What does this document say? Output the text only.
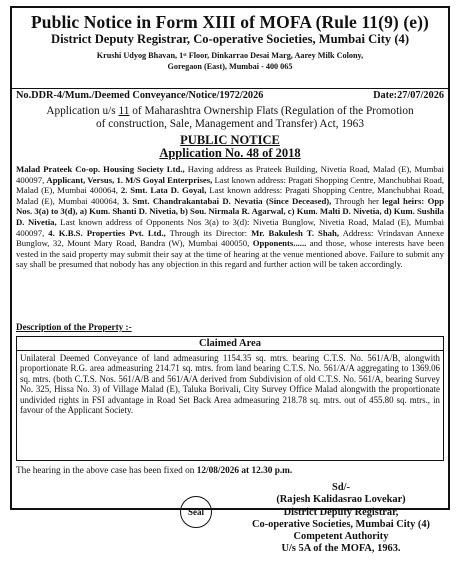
Public Notice in Form XIII of MOFA (Rule 11(9) (e))
District Deputy Registrar, Co-operative Societies, Mumbai City (4)
Krushi Udyog Bhavan, 1ˢᵗ Floor, Dinkarrao Desai Marg, Aarey Milk Colony,
Goregaon (East), Mumbai - 400 065
No.DDR-4/Mum./Deemed Conveyance/Notice/1972/2026	Date:27/07/2026
Application u/s 11 of Maharashtra Ownership Flats (Regulation of the Promotion of construction, Sale, Management and Transfer) Act, 1963
PUBLIC NOTICE
Application No. 48 of 2018
Malad Prateek Co-op. Housing Society Ltd., Having address as Prateek Building, Nivetia Road, Malad (E), Mumbai 400097, Applicant, Versus, 1. M/S Goyal Enterprises, Last known address: Pragati Shopping Centre, Manchubhai Road, Malad (E), Mumbai 400064, 2. Smt. Lata D. Goyal, Last known address: Pragati Shopping Centre, Manchubhai Road, Malad (E), Mumbai 400064, 3. Smt. Chandrakantabai D. Nevatia (Since Deceased), Through her legal heirs: Opp Nos. 3(a) to 3(d), a) Kum. Shanti D. Nivetia, b) Sou. Nirmala R. Agarwal, c) Kum. Malti D. Nivetia, d) Kum. Sushila D. Nivetia, Last known address of Opponents Nos 3(a) to 3(d): Nivetia Bunglow, Nivetia Road, Malad (E), Mumbai 400097, 4. K.B.S. Properties Pvt. Ltd., Through its Director: Mr. Bakulesh T. Shah, Address: Vrindavan Annexe Bunglow, 32, Mount Mary Road, Bandra (W), Mumbai 400050, Opponents...... and those, whose interests have been vested in the said property may submit their say at the time of hearing at the venue mentioned above. Failure to submit any say shall be presumed that nobody has any objection in this regard and further action will be taken accordingly.
Description of the Property :-
Claimed Area
Unilateral Deemed Conveyance of land admeasuring 1154.35 sq. mtrs. bearing C.T.S. No. 561/A/B, alongwith proportionate R.G. area admeasuring 214.71 sq. mtrs. from land bearing C.T.S. No. 561/A/A aggregating to 1369.06 sq. mtrs. (both C.T.S. Nos. 561/A/B and 561/A/A derived from Subdivision of old C.T.S. No. 561/A, bearing Survey No. 325, Hissa No. 3) of Village Malad (E), Taluka Borivali, City Survey Office Malad alongwith the proportionate undivided rights in FSI advantage in Road Set Back Area admeasuring 218.78 sq. mtrs. out of 455.80 sq. mtrs., in favour of the Applicant Society.
The hearing in the above case has been fixed on 12/08/2026 at 12.30 p.m.
Seal
Sd/-
(Rajesh Kalidasrao Lovekar)
District Deputy Registrar,
Co-operative Societies, Mumbai City (4)
Competent Authority
U/s 5A of the MOFA, 1963.
